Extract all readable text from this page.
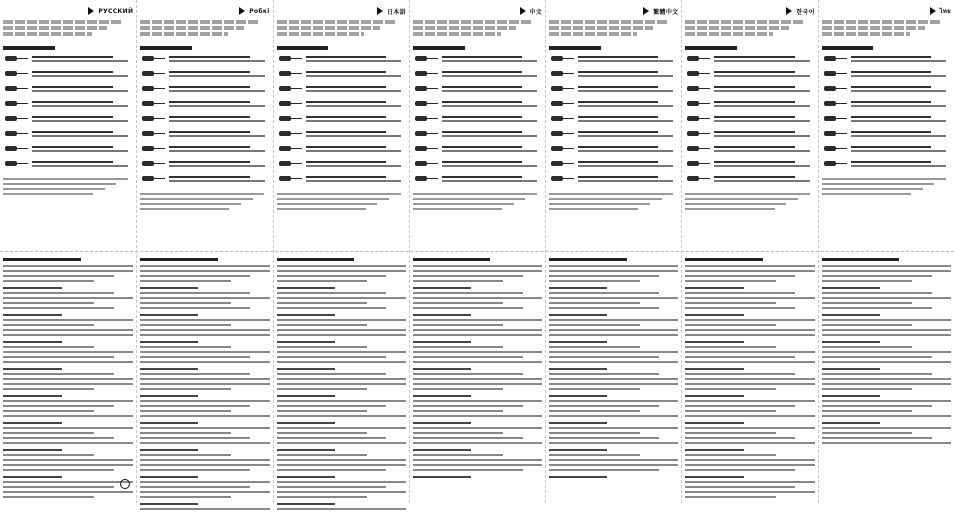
РУССКИЙ	Pобкі	日本語	中文	繁體中文	한국어	ไทย
